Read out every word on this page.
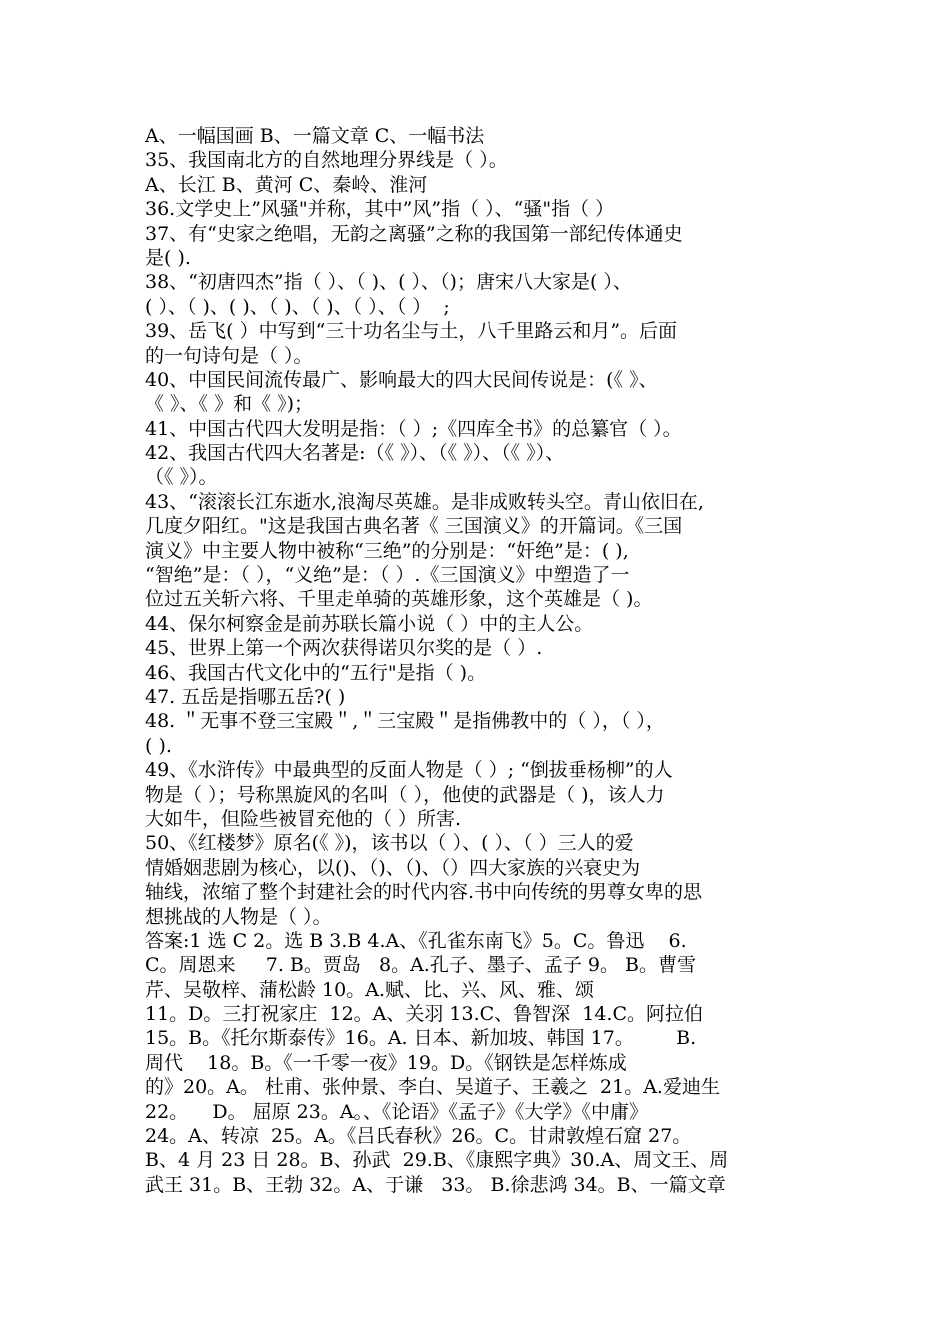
A、一幅国画 B、一篇文章 C、一幅书法
35、我国南北方的自然地理分界线是（ ）。
A、长江 B、黄河 C、秦岭、淮河
36.文学史上”风骚"并称，其中”风”指（ ）、“骚"指（ ）
37、有“史家之绝唱，无韵之离骚”之称的我国第一部纪传体通史
是( ).
38、“初唐四杰”指（ ）、（ )、( ）、（)；唐宋八大家是( ）、
( ）、（ )、( )、（ )、（ )、（ ）、（ ）  ;
39、岳飞( ）中写到“三十功名尘与土，八千里路云和月”。后面
的一句诗句是（ ）。
40、中国民间流传最广、影响最大的四大民间传说是：(《 》、
《 》、《 》和《 》)；
41、中国古代四大发明是指：（ ）;《四库全书》的总纂官（ ）。
42、我国古代四大名著是:（《 》）、（《 》）、（《 》）、
（《 》）。
43、“滚滚长江东逝水,浪淘尽英雄。是非成败转头空。青山依旧在,
几度夕阳红。"这是我国古典名著《 三国演义》的开篇词。《三国
演义》中主要人物中被称“三绝”的分别是：“奸绝”是：( ),
“智绝”是：（ ），“义绝”是：（ ）.《三国演义》中塑造了一
位过五关斩六将、千里走单骑的英雄形象，这个英雄是（ )。
44、保尔柯察金是前苏联长篇小说（ ）中的主人公。
45、世界上第一个两次获得诺贝尔奖的是（ ）.
46、我国古代文化中的“五行"是指（ )。
47. 五岳是指哪五岳?( )
48. ＂无事不登三宝殿＂,＂三宝殿＂是指佛教中的（ ），（ ），
( ).
49、《水浒传》中最典型的反面人物是（ ）; “倒拔垂杨柳”的人
物是（ ）；号称黑旋风的名叫（ ），他使的武器是（ )，该人力
大如牛，但险些被冒充他的（ ）所害.
50、《红楼梦》原名(《 》)，该书以（ ）、( ）、（ ）三人的爱
情婚姻悲剧为核心，以()、（)、（)、（）四大家族的兴衰史为
轴线，浓缩了整个封建社会的时代内容.书中向传统的男尊女卑的思
想挑战的人物是（ ）。
答案:1 选 C 2。选 B 3.B 4.A、《孔雀东南飞》5。C。鲁迅    6.
C。周恩来     7. B。贾岛   8。A.孔子、墨子、孟子 9。 B。曹雪
芹、吴敬梓、蒲松龄 10。A.赋、比、兴、风、雅、颂
11。D。三打祝家庄  12。A、关羽 13.C、鲁智深  14.C。阿拉伯
15。B。《托尔斯泰传》16。A. 日本、新加坡、韩国 17。       B.
周代    18。B。《一千零一夜》19。D。《钢铁是怎样炼成
的》20。A。 杜甫、张仲景、李白、吴道子、王羲之  21。A.爱迪生
22。    D。 屈原 23。A。、《论语》《孟子》《大学》《中庸》
24。A、转凉  25。A。《吕氏春秋》26。C。甘肃敦煌石窟 27。
B、4 月 23 日 28。B、孙武  29.B、《康熙字典》30.A、周文王、周
武王 31。B、王勃 32。A、于谦   33。 B.徐悲鸿 34。B、一篇文章
